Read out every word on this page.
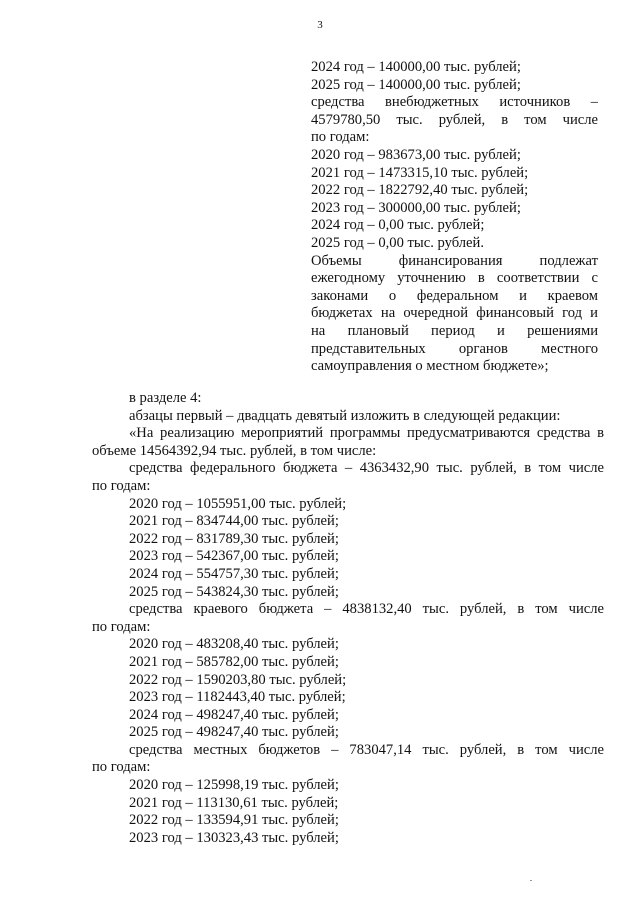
3
2024 год – 140000,00 тыс. рублей;
2025 год – 140000,00 тыс. рублей;
средства внебюджетных источников –
4579780,50 тыс. рублей, в том числе
по годам:
2020 год – 983673,00 тыс. рублей;
2021 год – 1473315,10 тыс. рублей;
2022 год – 1822792,40 тыс. рублей;
2023 год – 300000,00 тыс. рублей;
2024 год – 0,00 тыс. рублей;
2025 год – 0,00 тыс. рублей.
Объемы финансирования подлежат
ежегодному уточнению в соответствии с
законами о федеральном и краевом
бюджетах на очередной финансовый год и
на плановый период и решениями
представительных органов местного
самоуправления о местном бюджете»;
в разделе 4:
абзацы первый – двадцать девятый изложить в следующей редакции:
«На реализацию мероприятий программы предусматриваются средства в
объеме 14564392,94 тыс. рублей, в том числе:
средства федерального бюджета – 4363432,90 тыс. рублей, в том числе
по годам:
2020 год – 1055951,00 тыс. рублей;
2021 год – 834744,00 тыс. рублей;
2022 год – 831789,30 тыс. рублей;
2023 год – 542367,00 тыс. рублей;
2024 год – 554757,30 тыс. рублей;
2025 год – 543824,30 тыс. рублей;
средства краевого бюджета – 4838132,40 тыс. рублей, в том числе
по годам:
2020 год – 483208,40 тыс. рублей;
2021 год – 585782,00 тыс. рублей;
2022 год – 1590203,80 тыс. рублей;
2023 год – 1182443,40 тыс. рублей;
2024 год – 498247,40 тыс. рублей;
2025 год – 498247,40 тыс. рублей;
средства местных бюджетов – 783047,14 тыс. рублей, в том числе
по годам:
2020 год – 125998,19 тыс. рублей;
2021 год – 113130,61 тыс. рублей;
2022 год – 133594,91 тыс. рублей;
2023 год – 130323,43 тыс. рублей;
